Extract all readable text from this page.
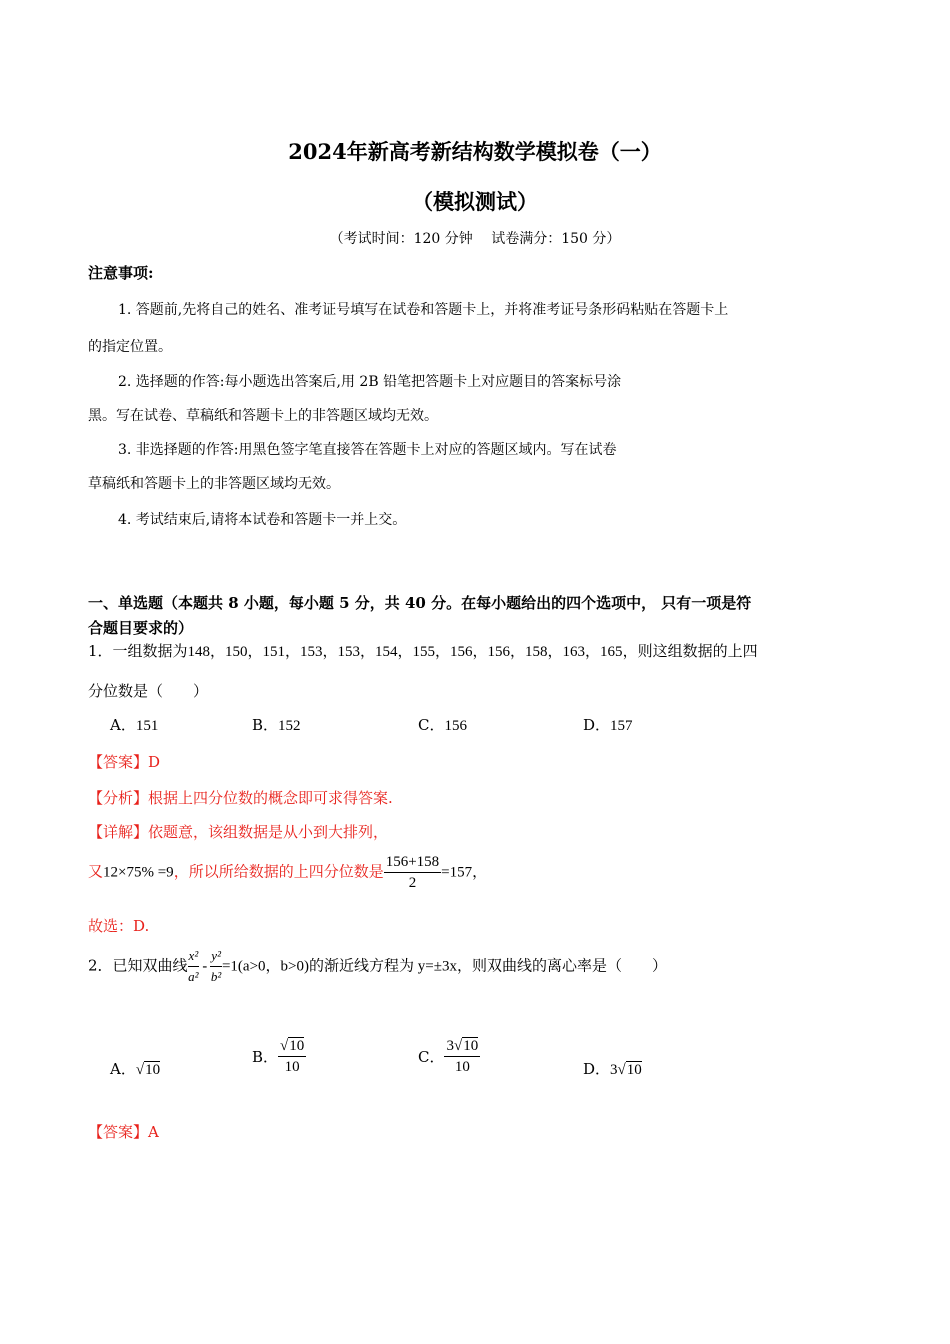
2024年新高考新结构数学模拟卷（一）
（模拟测试）
（考试时间：120 分钟　 试卷满分：150 分）
注意事项:
1. 答题前,先将自己的姓名、准考证号填写在试卷和答题卡上，并将准考证号条形码粘贴在答题卡上
的指定位置。
2. 选择题的作答:每小题选出答案后,用 2B 铅笔把答题卡上对应题目的答案标号涂
黑。写在试卷、草稿纸和答题卡上的非答题区域均无效。
3. 非选择题的作答:用黑色签字笔直接答在答题卡上对应的答题区域内。写在试卷
草稿纸和答题卡上的非答题区域均无效。
4. 考试结束后,请将本试卷和答题卡一并上交。
一、单选题（本题共 8 小题，每小题 5 分，共 40 分。在每小题给出的四个选项中， 只有一项是符
合题目要求的）
1．一组数据为148，150，151，153，153，154，155，156，156，158，163，165，则这组数据的上四
分位数是（　　）
A．151	B．152	C．156	D．157
【答案】D
【分析】根据上四分位数的概念即可求得答案.
【详解】依题意，该组数据是从小到大排列，
又12×75% =9，所以所给数据的上四分位数是 $\frac{156+158}{2} =157$，
故选：D.
2．已知双曲线 $\frac{\text{x²}}{\text{a²}} - \frac{\text{y²}}{\text{b²}} =1(a>0$，b>0)的渐近线方程为 y=±3x，则双曲线的离心率是（　　）
A．√10
B． $\frac{√10}{10}$	C． $\frac{3√10}{10}$	D．3√10
【答案】A
